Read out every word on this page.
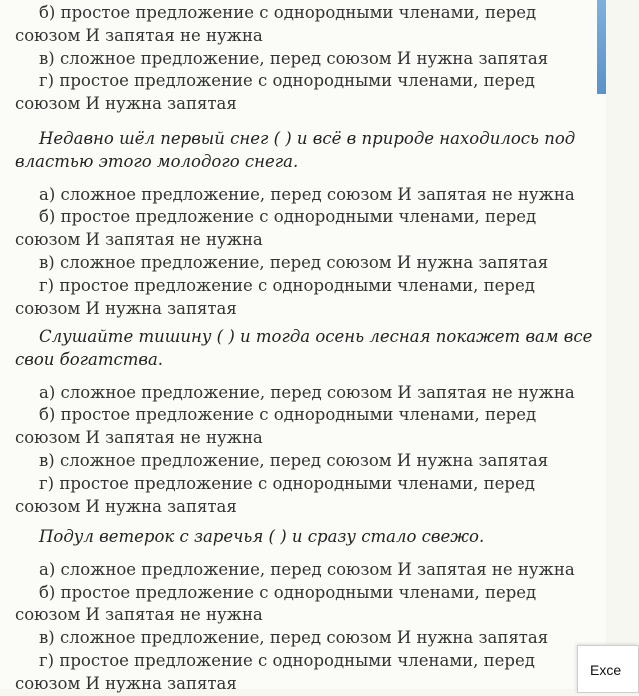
б) простое предложение с однородными членами, перед союзом И запятая не нужна
в) сложное предложение, перед союзом И нужна запятая
г) простое предложение с однородными членами, перед союзом И нужна запятая
Недавно шёл первый снег ( ) и всё в природе находилось под властью этого молодого снега.
а) сложное предложение, перед союзом И запятая не нужна
б) простое предложение с однородными членами, перед союзом И запятая не нужна
в) сложное предложение, перед союзом И нужна запятая
г) простое предложение с однородными членами, перед союзом И нужна запятая
Слушайте тишину ( ) и тогда осень лесная покажет вам все свои богатства.
а) сложное предложение, перед союзом И запятая не нужна
б) простое предложение с однородными членами, перед союзом И запятая не нужна
в) сложное предложение, перед союзом И нужна запятая
г) простое предложение с однородными членами, перед союзом И нужна запятая
Подул ветерок с заречья ( ) и сразу стало свежо.
а) сложное предложение, перед союзом И запятая не нужна
б) простое предложение с однородными членами, перед союзом И запятая не нужна
в) сложное предложение, перед союзом И нужна запятая
г) простое предложение с однородными членами, перед союзом И нужна запятая
Exce
